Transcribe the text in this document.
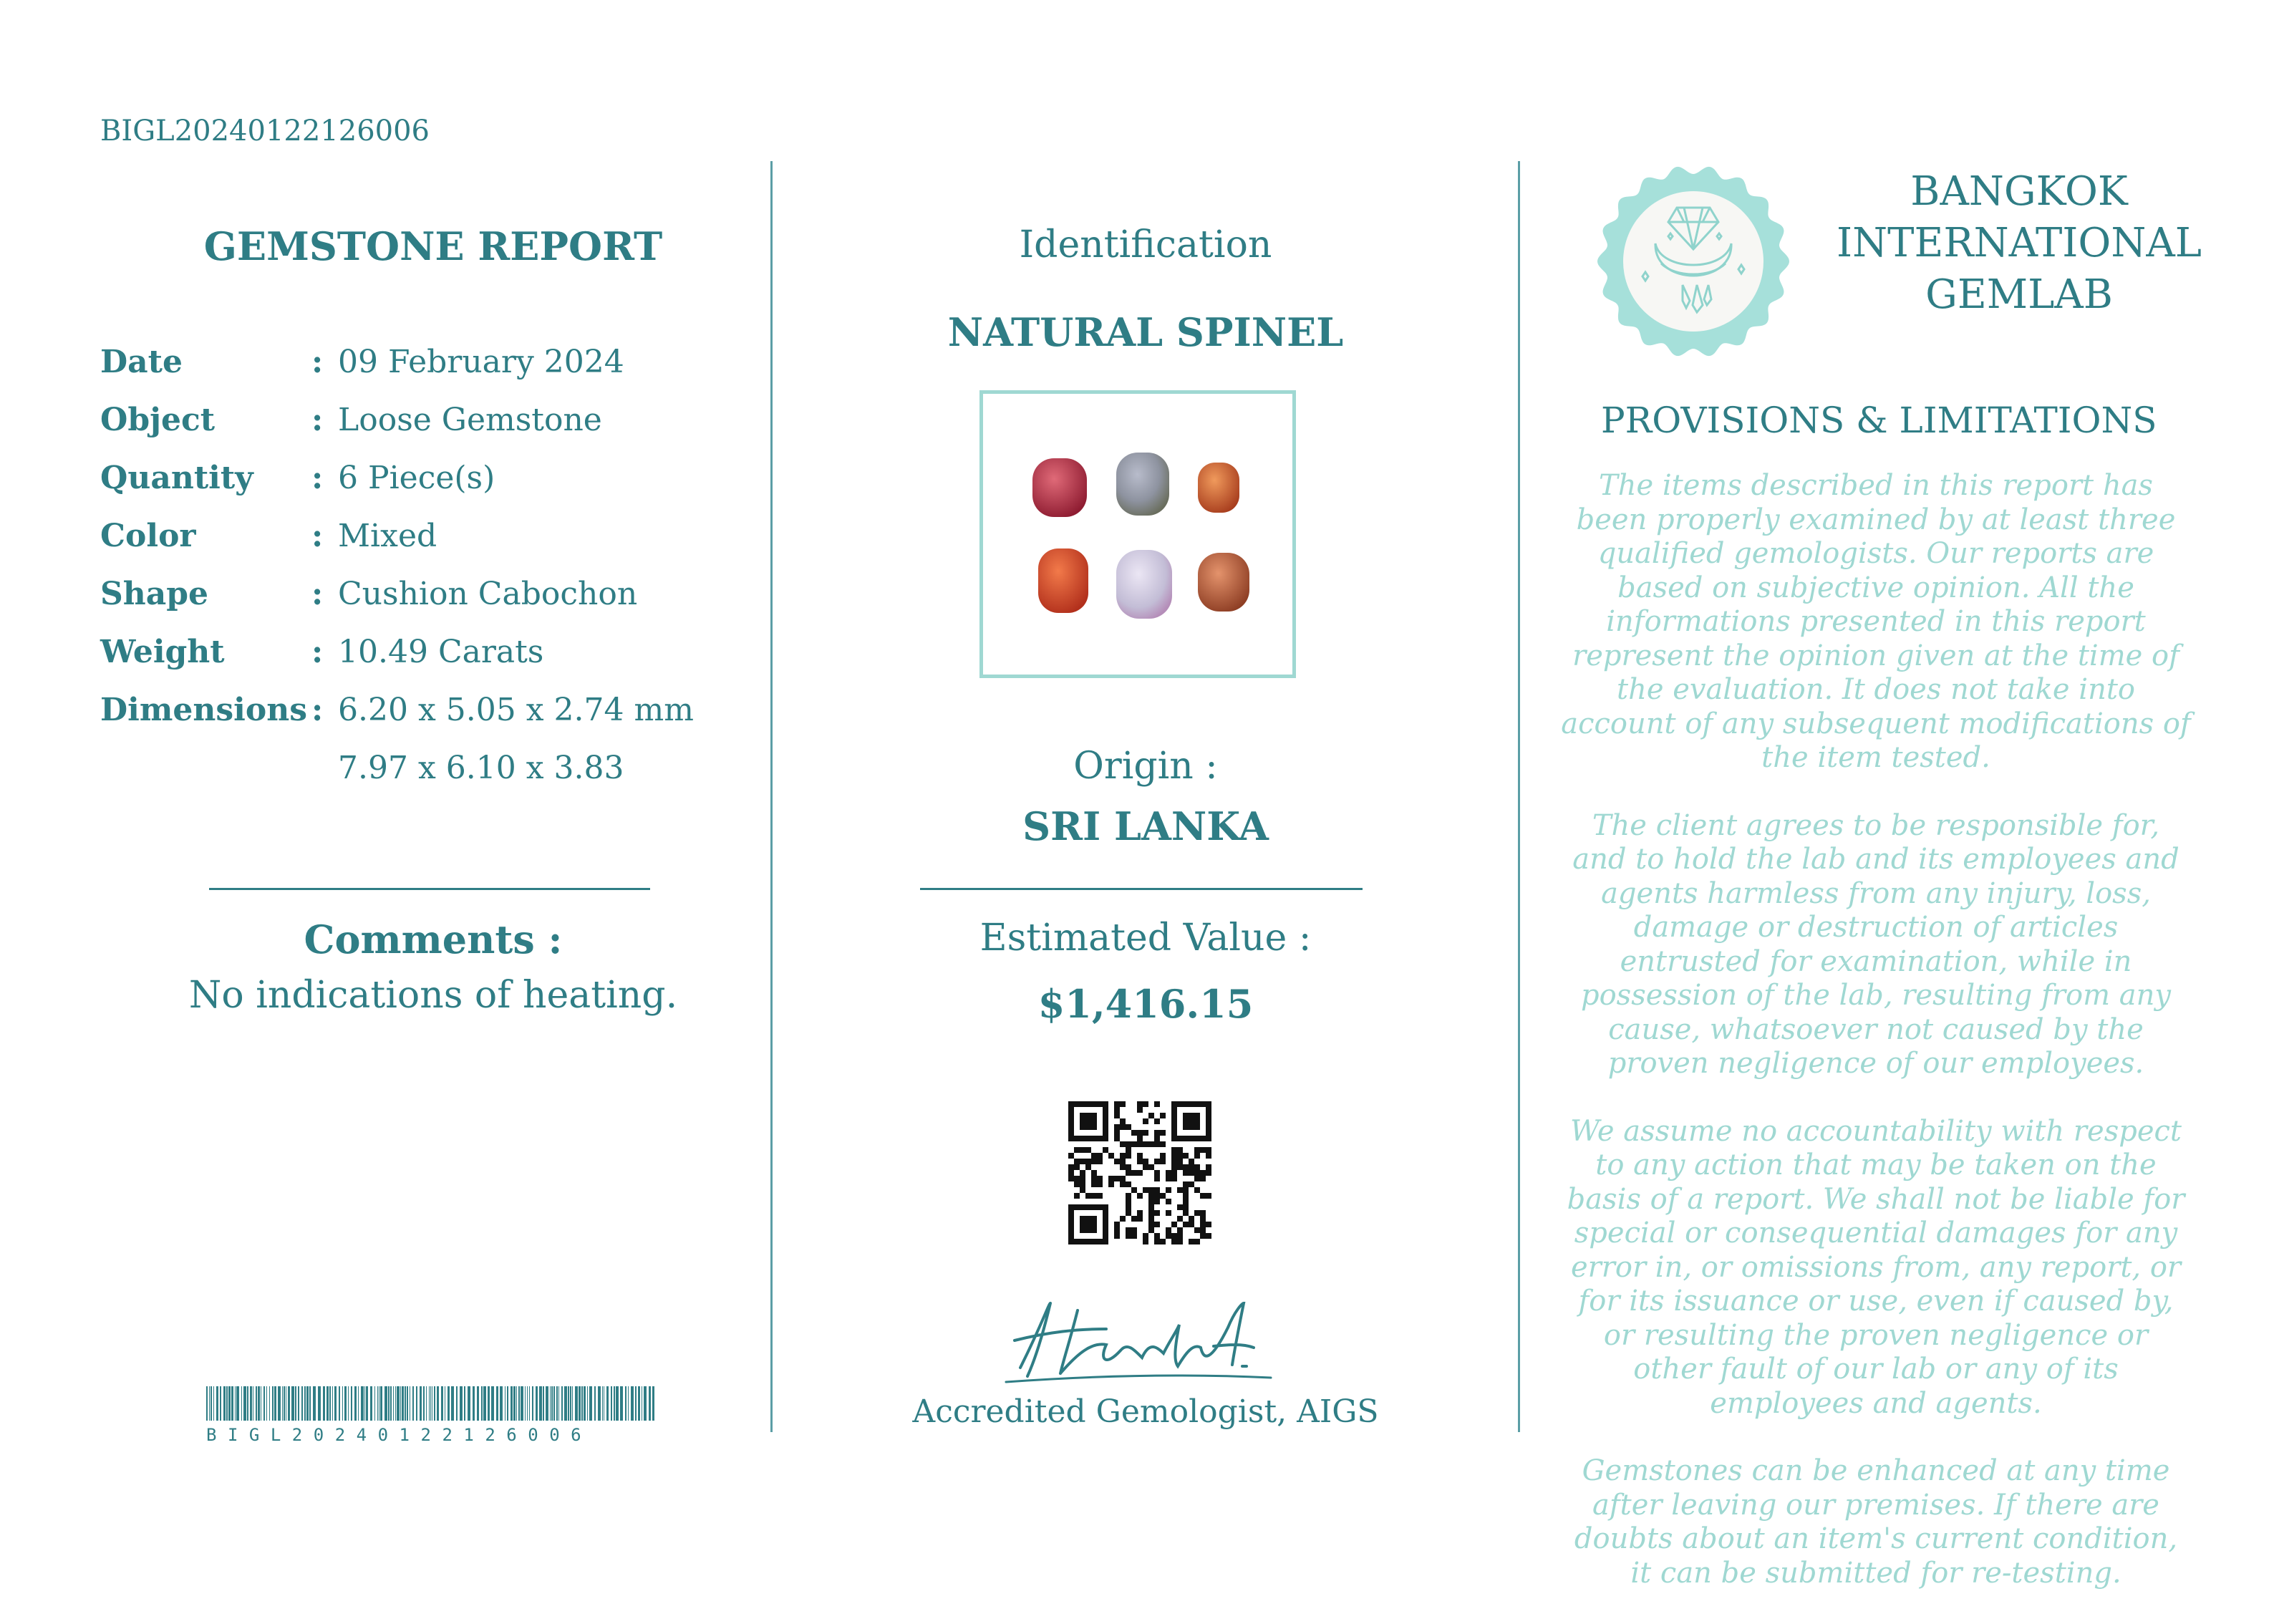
BIGL20240122126006
GEMSTONE REPORT
Date	: 09 February 2024
Object	: Loose Gemstone
Quantity : 6 Piece(s)
Color	: Mixed
Shape	: Cushion Cabochon
Weight	: 10.49 Carats
Dimensions : 6.20 x 5.05 x 2.74 mm
7.97 x 6.10 x 3.83
Comments :
No indications of heating.
BIGL20240122126006
Identification
NATURAL SPINEL
Origin :
SRI LANKA
Estimated Value :
$1,416.15
Accredited Gemologist, AIGS
BANGKOK
INTERNATIONAL
GEMLAB
PROVISIONS & LIMITATIONS

The items described in this report has been properly examined by at least three qualified gemologists. Our reports are based on subjective opinion. All the informations presented in this report represent the opinion given at the time of the evaluation. It does not take into account of any subsequent modifications of the item tested.

The client agrees to be responsible for, and to hold the lab and its employees and agents harmless from any injury, loss, damage or destruction of articles entrusted for examination, while in possession of the lab, resulting from any cause, whatsoever not caused by the proven negligence of our employees.

We assume no accountability with respect to any action that may be taken on the basis of a report. We shall not be liable for special or consequential damages for any error in, or omissions from, any report, or for its issuance or use, even if caused by, or resulting the proven negligence or other fault of our lab or any of its employees and agents.

Gemstones can be enhanced at any time after leaving our premises. If there are doubts about an item's current condition, it can be submitted for re-testing.
